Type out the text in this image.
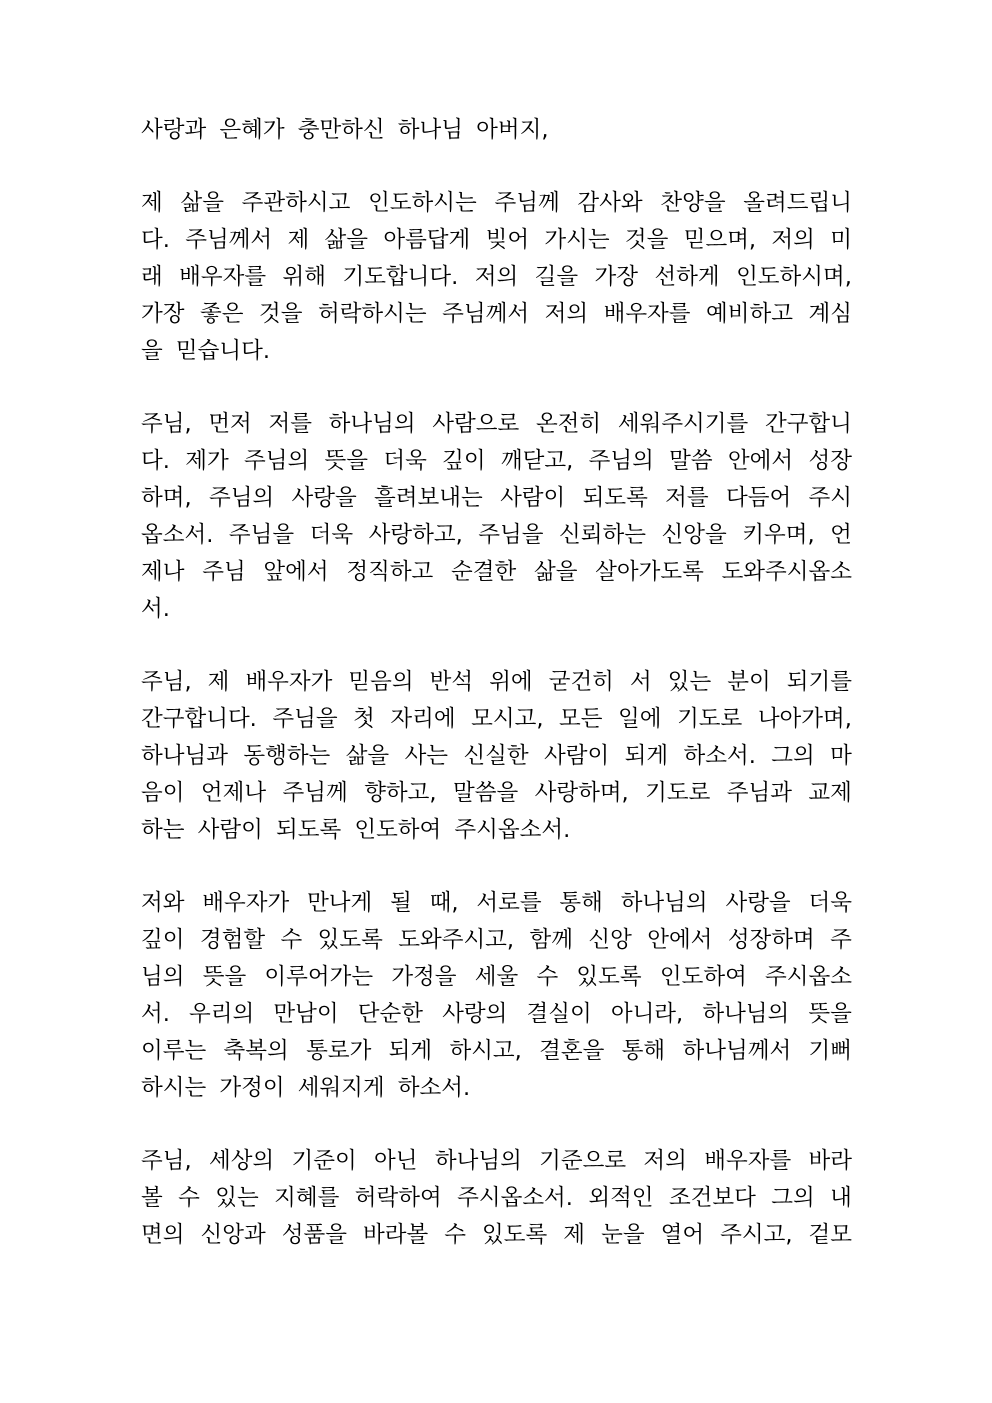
사랑과 은혜가 충만하신 하나님 아버지,
제 삶을 주관하시고 인도하시는 주님께 감사와 찬양을 올려드립니
다. 주님께서 제 삶을 아름답게 빚어 가시는 것을 믿으며, 저의 미
래 배우자를 위해 기도합니다. 저의 길을 가장 선하게 인도하시며,
가장 좋은 것을 허락하시는 주님께서 저의 배우자를 예비하고 계심
을 믿습니다.
주님, 먼저 저를 하나님의 사람으로 온전히 세워주시기를 간구합니
다. 제가 주님의 뜻을 더욱 깊이 깨닫고, 주님의 말씀 안에서 성장
하며, 주님의 사랑을 흘려보내는 사람이 되도록 저를 다듬어 주시
옵소서. 주님을 더욱 사랑하고, 주님을 신뢰하는 신앙을 키우며, 언
제나 주님 앞에서 정직하고 순결한 삶을 살아가도록 도와주시옵소
서.
주님, 제 배우자가 믿음의 반석 위에 굳건히 서 있는 분이 되기를
간구합니다. 주님을 첫 자리에 모시고, 모든 일에 기도로 나아가며,
하나님과 동행하는 삶을 사는 신실한 사람이 되게 하소서. 그의 마
음이 언제나 주님께 향하고, 말씀을 사랑하며, 기도로 주님과 교제
하는 사람이 되도록 인도하여 주시옵소서.
저와 배우자가 만나게 될 때, 서로를 통해 하나님의 사랑을 더욱
깊이 경험할 수 있도록 도와주시고, 함께 신앙 안에서 성장하며 주
님의 뜻을 이루어가는 가정을 세울 수 있도록 인도하여 주시옵소
서. 우리의 만남이 단순한 사랑의 결실이 아니라, 하나님의 뜻을
이루는 축복의 통로가 되게 하시고, 결혼을 통해 하나님께서 기뻐
하시는 가정이 세워지게 하소서.
주님, 세상의 기준이 아닌 하나님의 기준으로 저의 배우자를 바라
볼 수 있는 지혜를 허락하여 주시옵소서. 외적인 조건보다 그의 내
면의 신앙과 성품을 바라볼 수 있도록 제 눈을 열어 주시고, 겉모
